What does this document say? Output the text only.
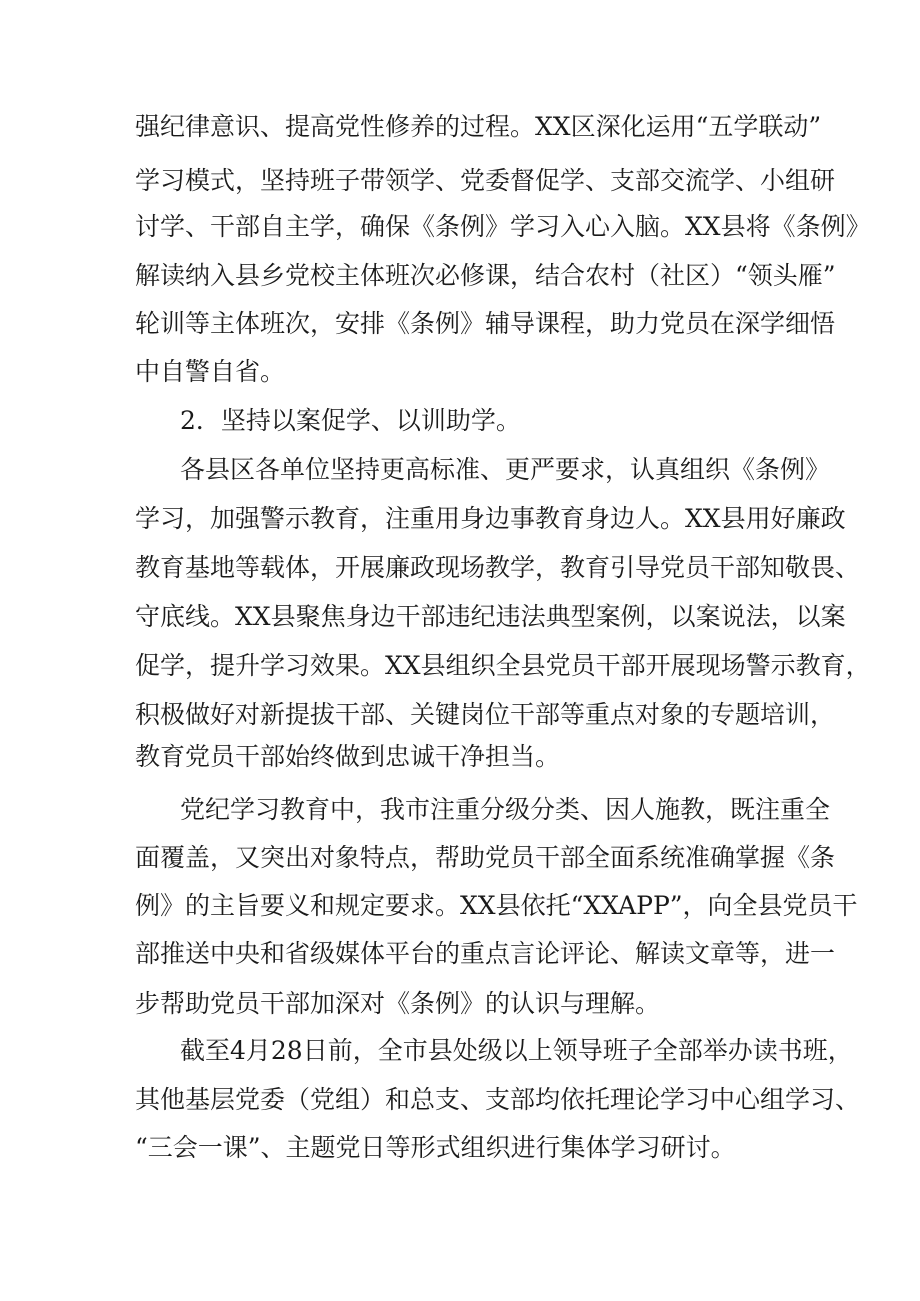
强纪律意识、提高党性修养的过程。XX区深化运用“五学联动”
学习模式，坚持班子带领学、党委督促学、支部交流学、小组研
讨学、干部自主学，确保《条例》学习入心入脑。XX县将《条例》
解读纳入县乡党校主体班次必修课，结合农村（社区）“领头雁”
轮训等主体班次，安排《条例》辅导课程，助力党员在深学细悟
中自警自省。
2．坚持以案促学、以训助学。
各县区各单位坚持更高标准、更严要求，认真组织《条例》
学习，加强警示教育，注重用身边事教育身边人。XX县用好廉政
教育基地等载体，开展廉政现场教学，教育引导党员干部知敬畏、
守底线。XX县聚焦身边干部违纪违法典型案例，以案说法，以案
促学，提升学习效果。XX县组织全县党员干部开展现场警示教育，
积极做好对新提拔干部、关键岗位干部等重点对象的专题培训，
教育党员干部始终做到忠诚干净担当。
党纪学习教育中，我市注重分级分类、因人施教，既注重全
面覆盖，又突出对象特点，帮助党员干部全面系统准确掌握《条
例》的主旨要义和规定要求。XX县依托“XXAPP”，向全县党员干
部推送中央和省级媒体平台的重点言论评论、解读文章等，进一
步帮助党员干部加深对《条例》的认识与理解。
截至4月28日前，全市县处级以上领导班子全部举办读书班，
其他基层党委（党组）和总支、支部均依托理论学习中心组学习、
“三会一课”、主题党日等形式组织进行集体学习研讨。
